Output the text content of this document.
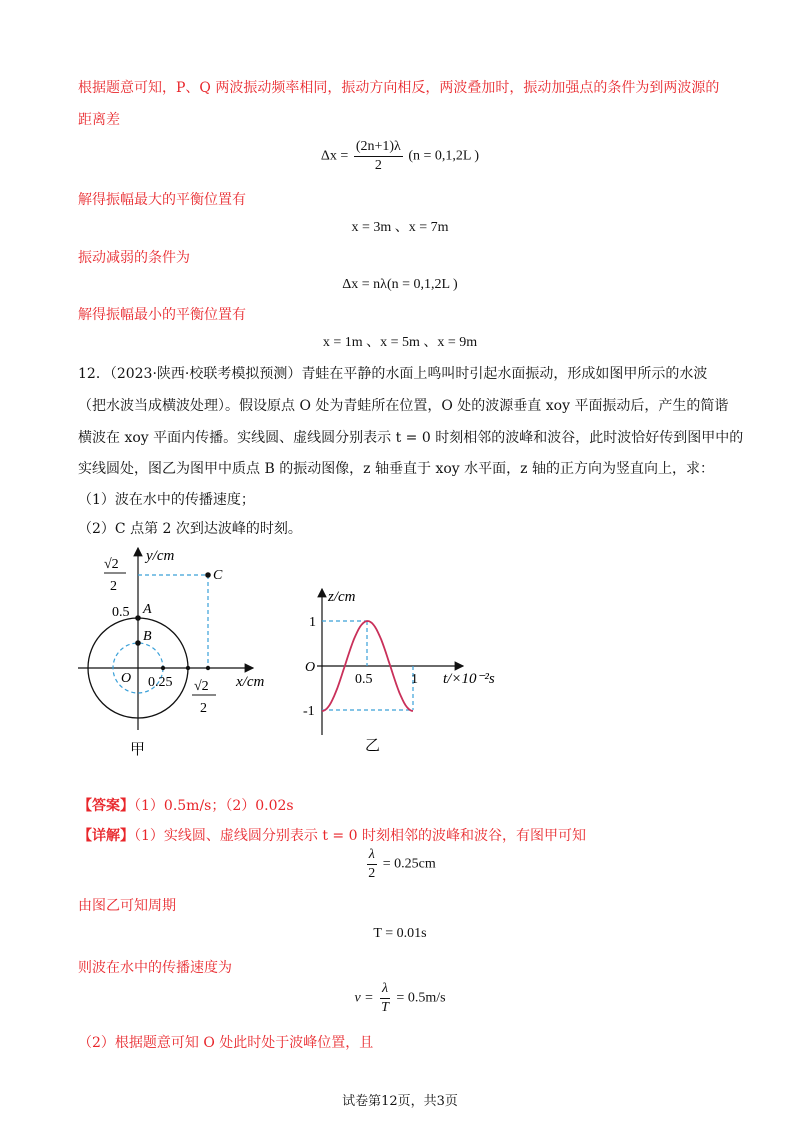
根据题意可知，P、Q 两波振动频率相同，振动方向相反，两波叠加时，振动加强点的条件为到两波源的
距离差
$\Delta x = \frac{(2n+1)\lambda}{2} (n = 0,1,2L$ )
解得振幅最大的平衡位置有
x = 3m 、x = 7m
振动减弱的条件为
Δx = nλ(n = 0,1,2L )
解得振幅最小的平衡位置有
x = 1m 、x = 5m 、x = 9m
12．（2023·陕西·校联考模拟预测）青蛙在平静的水面上鸣叫时引起水面振动，形成如图甲所示的水波
（把水波当成横波处理）。假设原点 O 处为青蛙所在位置，O 处的波源垂直 xoy 平面振动后，产生的简谐
横波在 xoy 平面内传播。实线圆、虚线圆分别表示 t = 0 时刻相邻的波峰和波谷，此时波恰好传到图甲中的
实线圆处，图乙为图甲中质点 B 的振动图像，z 轴垂直于 xoy 水平面，z 轴的正方向为竖直向上，求：
（1）波在水中的传播速度；
（2）C 点第 2 次到达波峰的时刻。
y/cm
x/cm
√2
2
0.5 A
B
C
O 0.25 √2
2
甲
z/cm
1
-1
O
0.5	1 t/×10⁻²s
乙
【答案】（1）0.5m/s；（2）0.02s
【详解】（1）实线圆、虚线圆分别表示 t = 0 时刻相邻的波峰和波谷，有图甲可知
$\frac{\lambda}{2} = 0.25cm$
由图乙可知周期
T = 0.01s
则波在水中的传播速度为
$v = \frac{\lambda}{T} = 0.5m/s$
（2）根据题意可知 O 处此时处于波峰位置，且
试卷第12页，共3页
